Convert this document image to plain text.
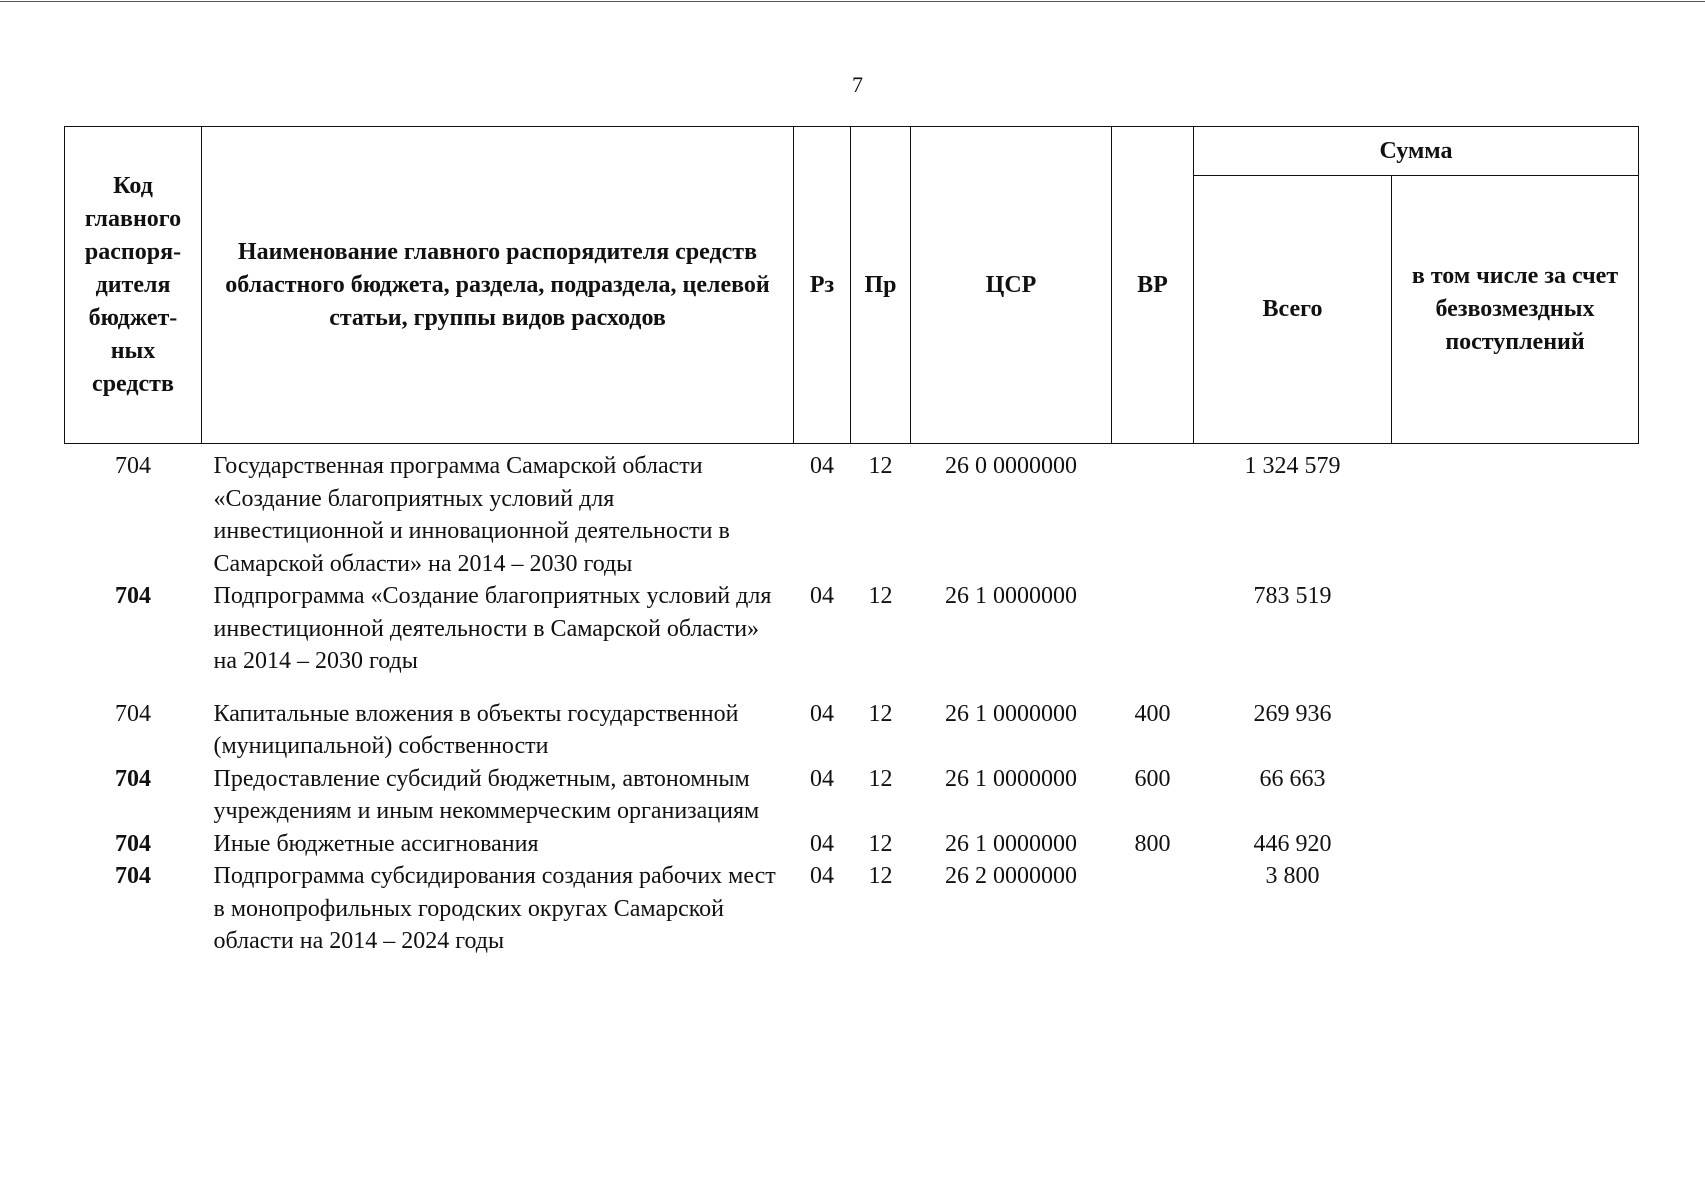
7
Код главного распоря-дителя бюджет-ных средств	Наименование главного распорядителя средств областного бюджета, раздела, подраздела, целевой статьи, группы видов расходов	Рз	Пр	ЦСР	ВР	Сумма	
						Всего	в том числе за счет безвозмездных поступлений
704	Государственная программа Самарской области «Создание благоприятных условий для инвестиционной и инновационной деятельности в Самарской области» на 2014 – 2030 годы	04	12	26 0 0000000		1 324 579	
704	Подпрограмма «Создание благоприятных условий для инвестиционной деятельности в Самарской области» на 2014 – 2030 годы	04	12	26 1 0000000		783 519	
704	Капитальные вложения в объекты государственной (муниципальной) собственности	04	12	26 1 0000000	400	269 936	
704	Предоставление субсидий бюджетным, автономным учреждениям и иным некоммерческим организациям	04	12	26 1 0000000	600	66 663	
704	Иные бюджетные ассигнования	04	12	26 1 0000000	800	446 920	
704	Подпрограмма субсидирования создания рабочих мест в монопрофильных городских округах Самарской области на 2014 – 2024 годы	04	12	26 2 0000000		3 800	
